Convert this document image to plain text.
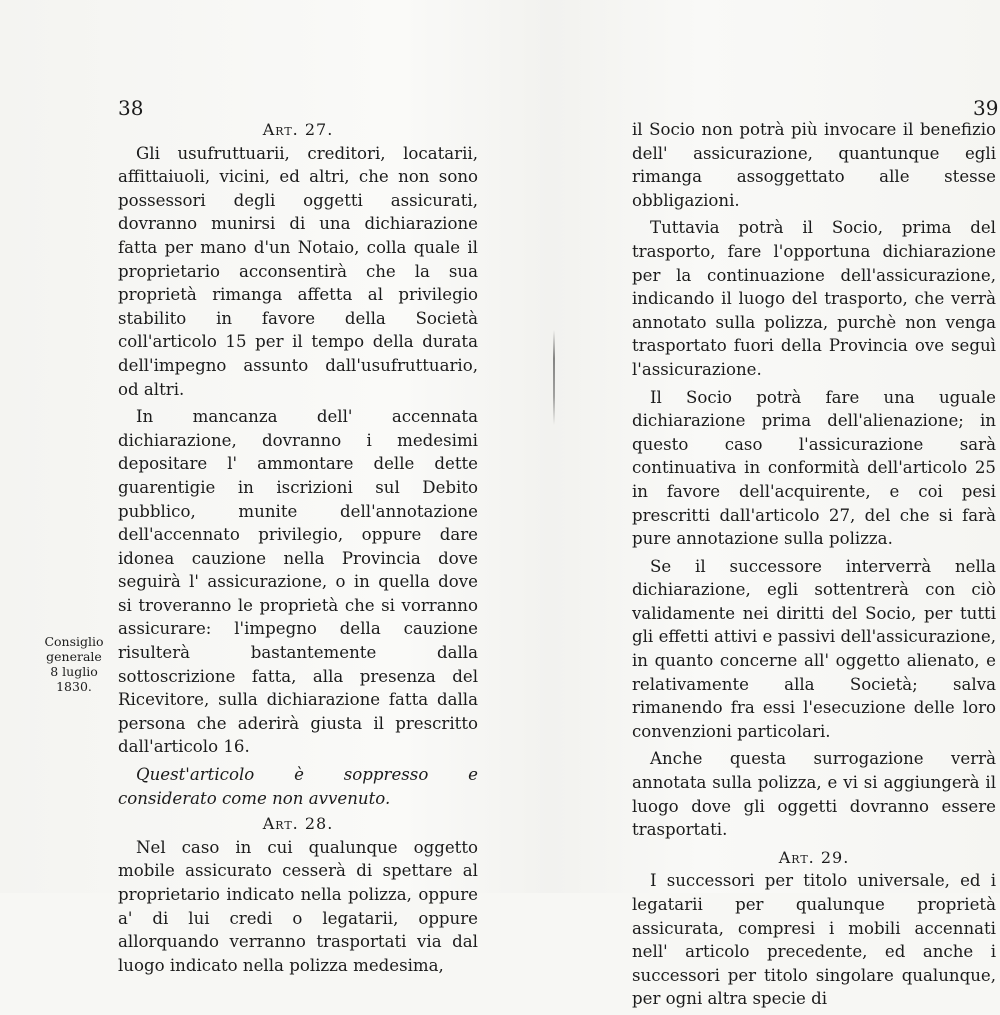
38	39

Art. 27.

Gli usufruttuarii, creditori, locatarii, affittaiuoli, vicini, ed altri, che non sono possessori degli oggetti assicurati, dovranno munirsi di una dichiarazione fatta per mano d'un Notaio, colla quale il proprietario acconsentirà che la sua proprietà rimanga affetta al privilegio stabilito in favore della Società coll'articolo 15 per il tempo della durata dell'impegno assunto dall'usufruttuario, od altri.

In mancanza dell' accennata dichiarazione, dovranno i medesimi depositare l' ammontare delle dette guarentigie in iscrizioni sul Debito pubblico, munite dell'annotazione dell'accennato privilegio, oppure dare idonea cauzione nella Provincia dove seguirà l' assicurazione, o in quella dove si troveranno le proprietà che si vorranno assicurare: l'impegno della cauzione risulterà bastantemente dalla sottoscrizione fatta, alla presenza del Ricevitore, sulla dichiarazione fatta dalla persona che aderirà giusta il prescritto dall'articolo 16.

Quest'articolo è soppresso e considerato come non avvenuto.

Art. 28.

Nel caso in cui qualunque oggetto mobile assicurato cesserà di spettare al proprietario indicato nella polizza, oppure a' di lui credi o legatarii, oppure allorquando verranno trasportati via dal luogo indicato nella polizza medesima,

Consiglio
generale
8 luglio
1830.

il Socio non potrà più invocare il benefizio dell' assicurazione, quantunque egli rimanga assoggettato alle stesse obbligazioni.

Tuttavia potrà il Socio, prima del trasporto, fare l'opportuna dichiarazione per la continuazione dell'assicurazione, indicando il luogo del trasporto, che verrà annotato sulla polizza, purchè non venga trasportato fuori della Provincia ove seguì l'assicurazione.

Il Socio potrà fare una uguale dichiarazione prima dell'alienazione; in questo caso l'assicurazione sarà continuativa in conformità dell'articolo 25 in favore dell'acquirente, e coi pesi prescritti dall'articolo 27, del che si farà pure annotazione sulla polizza.

Se il successore interverrà nella dichiarazione, egli sottentrerà con ciò validamente nei diritti del Socio, per tutti gli effetti attivi e passivi dell'assicurazione, in quanto concerne all' oggetto alienato, e relativamente alla Società; salva rimanendo fra essi l'esecuzione delle loro convenzioni particolari.

Anche questa surrogazione verrà annotata sulla polizza, e vi si aggiungerà il luogo dove gli oggetti dovranno essere trasportati.

Art. 29.

I successori per titolo universale, ed i legatarii per qualunque proprietà assicurata, compresi i mobili accennati nell' articolo precedente, ed anche i successori per titolo singolare qualunque, per ogni altra specie di
